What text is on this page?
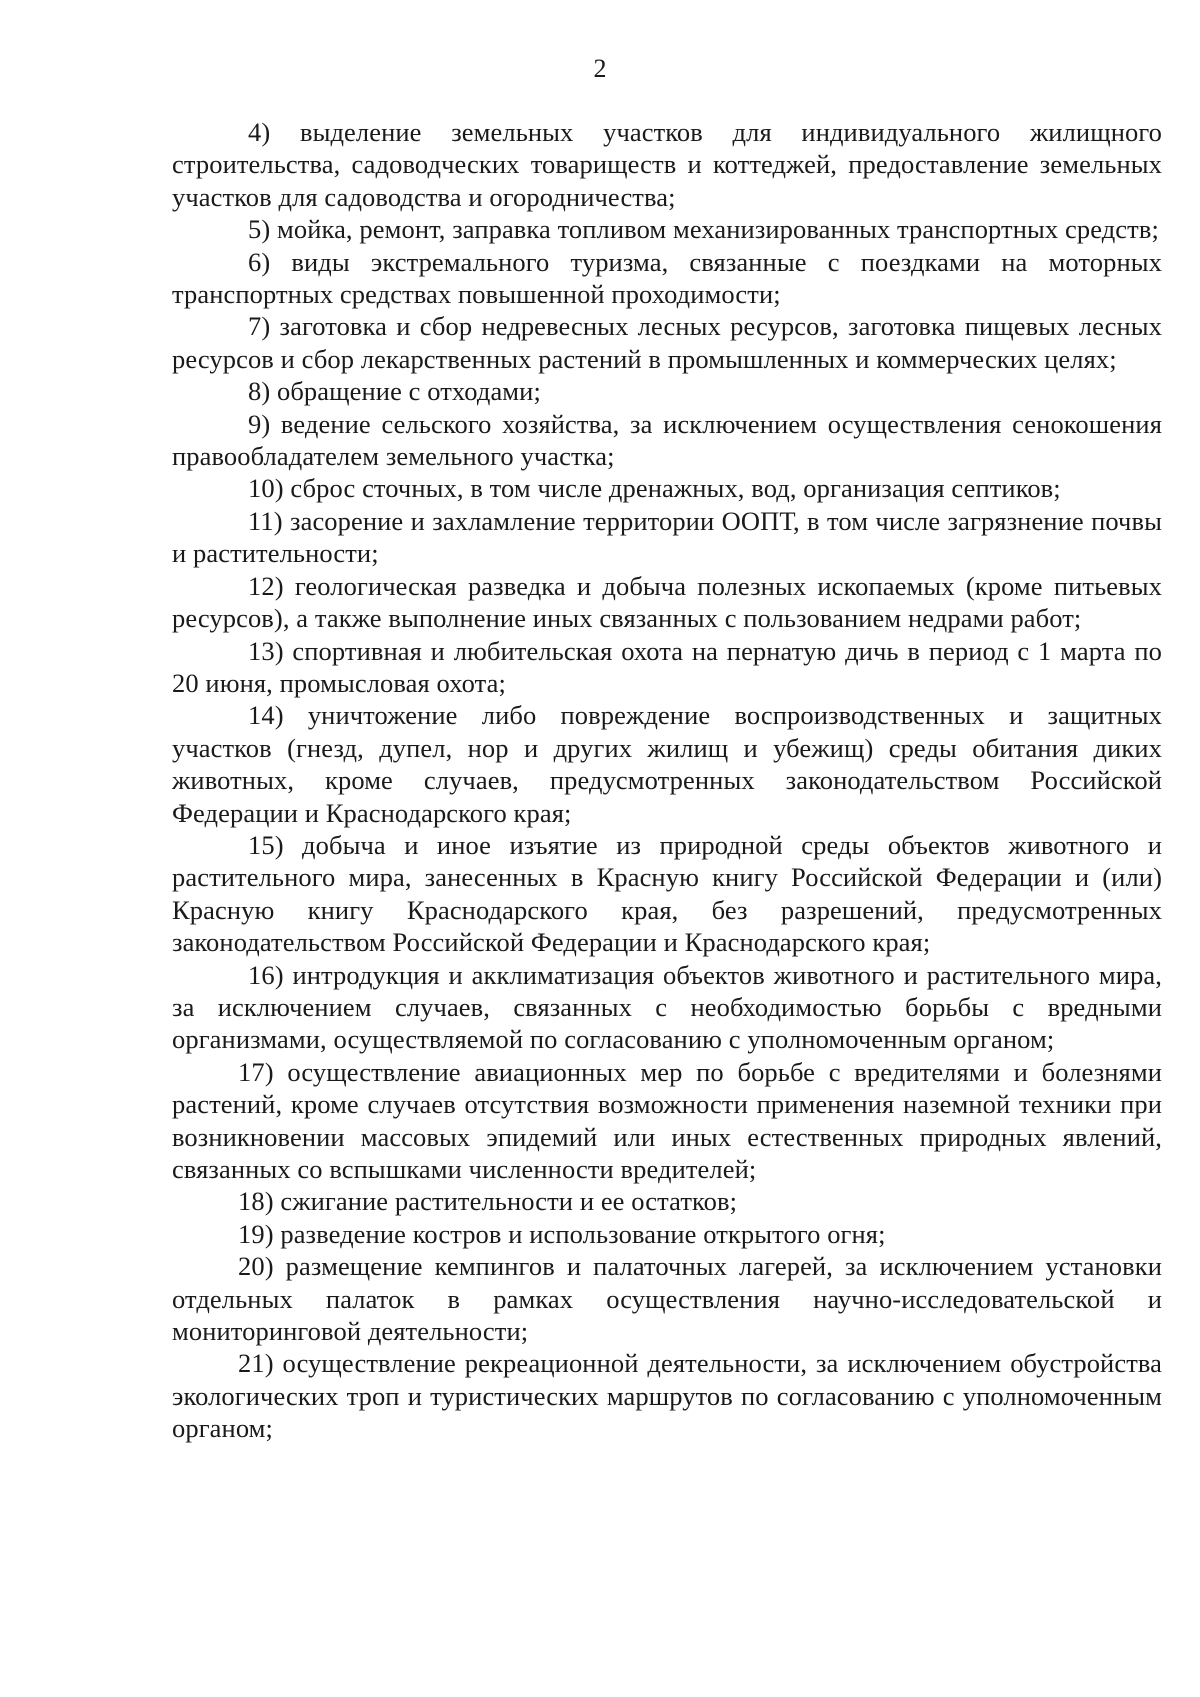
2

4) выделение земельных участков для индивидуального жилищного строительства, садоводческих товариществ и коттеджей, предоставление земельных участков для садоводства и огородничества;

5) мойка, ремонт, заправка топливом механизированных транспортных средств;

6) виды экстремального туризма, связанные с поездками на моторных транспортных средствах повышенной проходимости;

7) заготовка и сбор недревесных лесных ресурсов, заготовка пищевых лесных ресурсов и сбор лекарственных растений в промышленных и коммерческих целях;

8) обращение с отходами;

9) ведение сельского хозяйства, за исключением осуществления сенокошения правообладателем земельного участка;

10) сброс сточных, в том числе дренажных, вод, организация септиков;

11) засорение и захламление территории ООПТ, в том числе загрязнение почвы и растительности;

12) геологическая разведка и добыча полезных ископаемых (кроме питьевых ресурсов), а также выполнение иных связанных с пользованием недрами работ;

13) спортивная и любительская охота на пернатую дичь в период с 1 марта по 20 июня, промысловая охота;

14) уничтожение либо повреждение воспроизводственных и защитных участков (гнезд, дупел, нор и других жилищ и убежищ) среды обитания диких животных, кроме случаев, предусмотренных законодательством Российской Федерации и Краснодарского края;

15) добыча и иное изъятие из природной среды объектов животного и растительного мира, занесенных в Красную книгу Российской Федерации и (или) Красную книгу Краснодарского края, без разрешений, предусмотренных законодательством Российской Федерации и Краснодарского края;

16) интродукция и акклиматизация объектов животного и растительного мира, за исключением случаев, связанных с необходимостью борьбы с вредными организмами, осуществляемой по согласованию с уполномоченным органом;

17) осуществление авиационных мер по борьбе с вредителями и болезнями растений, кроме случаев отсутствия возможности применения наземной техники при возникновении массовых эпидемий или иных естественных природных явлений, связанных со вспышками численности вредителей;

18) сжигание растительности и ее остатков;

19) разведение костров и использование открытого огня;

20) размещение кемпингов и палаточных лагерей, за исключением установки отдельных палаток в рамках осуществления научно-исследовательской и мониторинговой деятельности;

21) осуществление рекреационной деятельности, за исключением обустройства экологических троп и туристических маршрутов по согласованию с уполномоченным органом;
